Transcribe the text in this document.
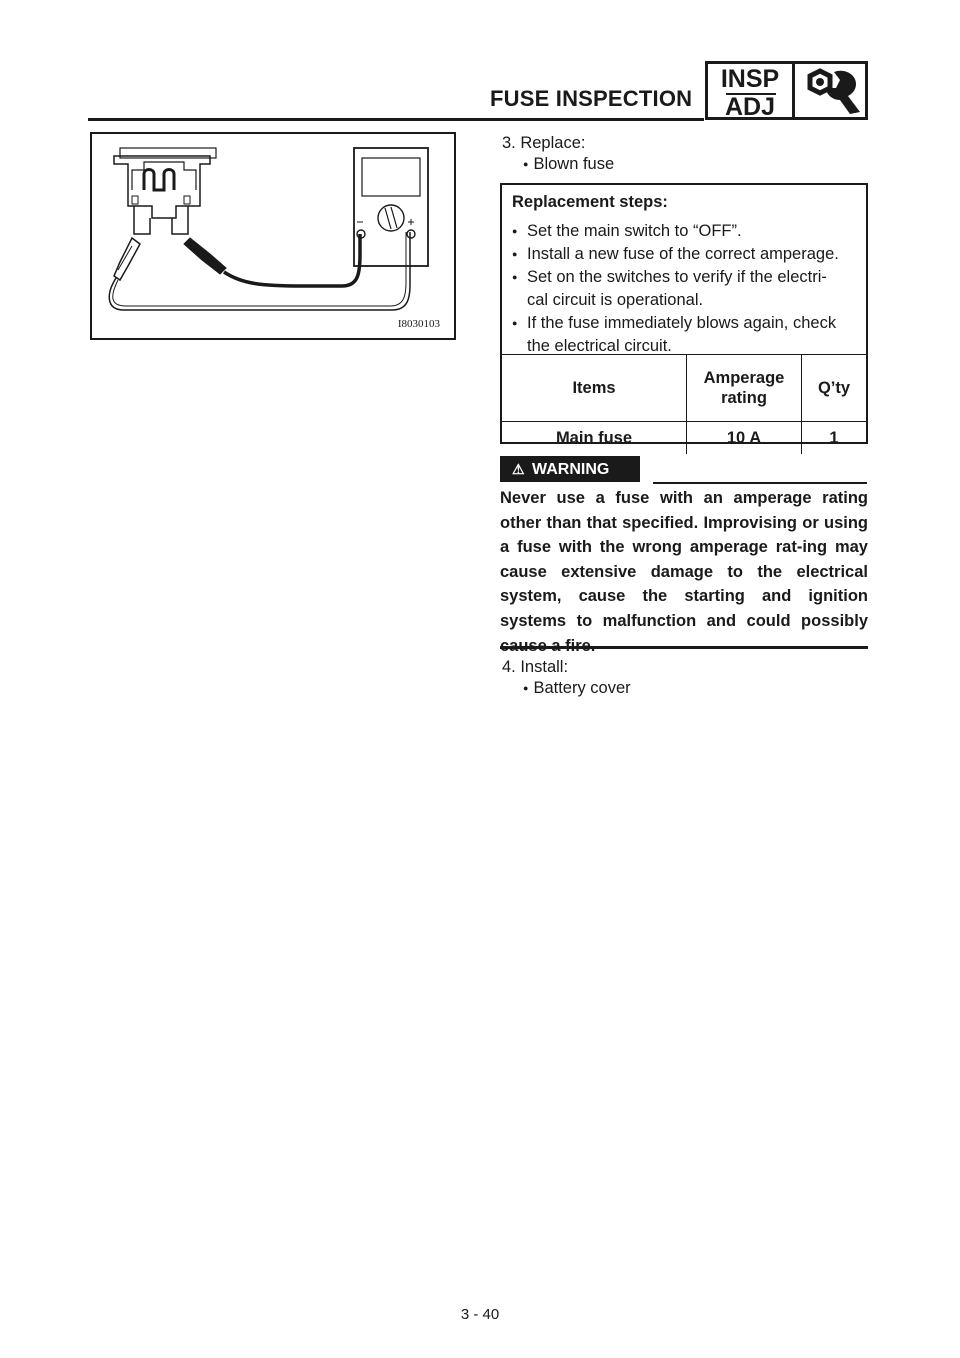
FUSE INSPECTION
INSP
ADJ
I8030103
3. Replace:
● Blown fuse
Replacement steps:
● Set the main switch to “OFF”.
● Install a new fuse of the correct amperage.
● Set on the switches to verify if the electri-
cal circuit is operational.
● If the fuse immediately blows again, check
the electrical circuit.
Items	Amperage rating	Q’ty
Main fuse	10 A	1
⚠ WARNING
Never use a fuse with an amperage rating other than that specified. Improvising or using a fuse with the wrong amperage rat-ing may cause extensive damage to the electrical system, cause the starting and ignition systems to malfunction and could possibly cause a fire.
4. Install:
● Battery cover
3 - 40
